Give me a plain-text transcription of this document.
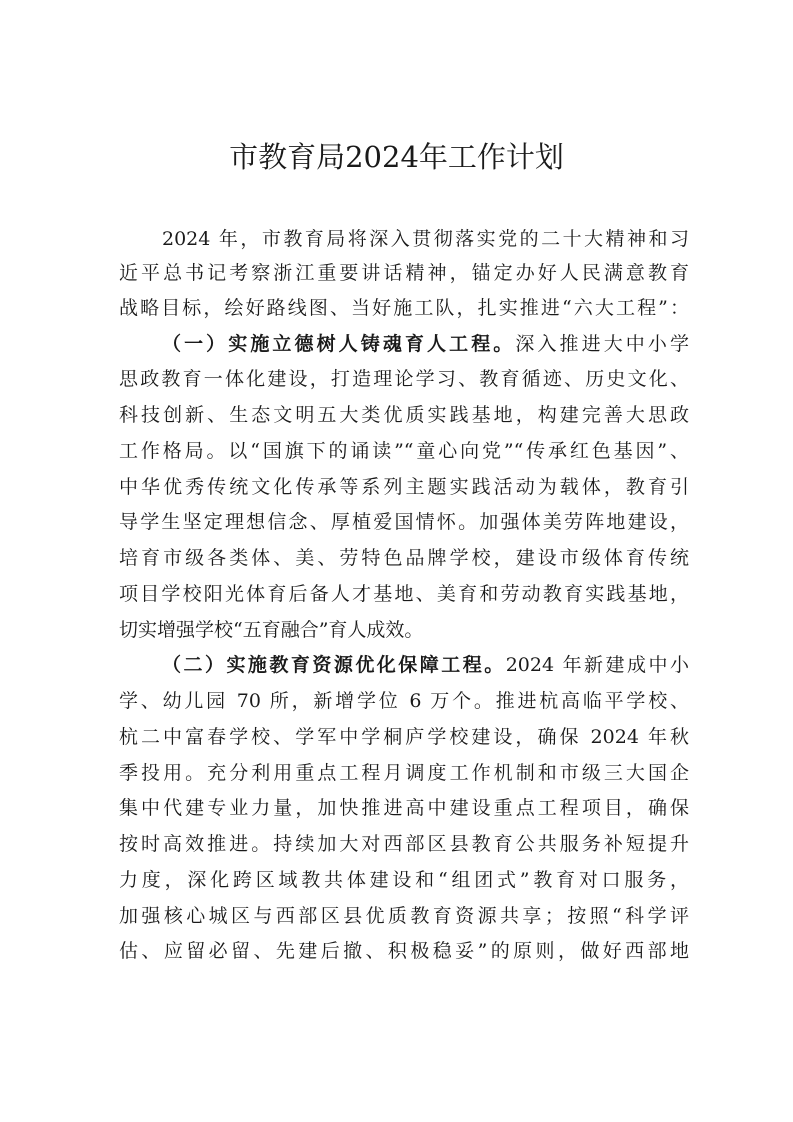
市教育局2024年工作计划
2024 年，市教育局将深入贯彻落实党的二十大精神和习
近平总书记考察浙江重要讲话精神，锚定办好人民满意教育
战略目标，绘好路线图、当好施工队，扎实推进“六大工程”：
（一）实施立德树人铸魂育人工程。深入推进大中小学
思政教育一体化建设，打造理论学习、教育循迹、历史文化、
科技创新、生态文明五大类优质实践基地，构建完善大思政
工作格局。以“国旗下的诵读”“童心向党”“传承红色基因”、
中华优秀传统文化传承等系列主题实践活动为载体，教育引
导学生坚定理想信念、厚植爱国情怀。加强体美劳阵地建设，
培育市级各类体、美、劳特色品牌学校，建设市级体育传统
项目学校阳光体育后备人才基地、美育和劳动教育实践基地，
切实增强学校“五育融合”育人成效。
（二）实施教育资源优化保障工程。2024 年新建成中小
学、幼儿园 70 所，新增学位 6 万个。推进杭高临平学校、
杭二中富春学校、学军中学桐庐学校建设，确保 2024 年秋
季投用。充分利用重点工程月调度工作机制和市级三大国企
集中代建专业力量，加快推进高中建设重点工程项目，确保
按时高效推进。持续加大对西部区县教育公共服务补短提升
力度，深化跨区域教共体建设和“组团式”教育对口服务，
加强核心城区与西部区县优质教育资源共享；按照“科学评
估、应留必留、先建后撤、积极稳妥”的原则，做好西部地
